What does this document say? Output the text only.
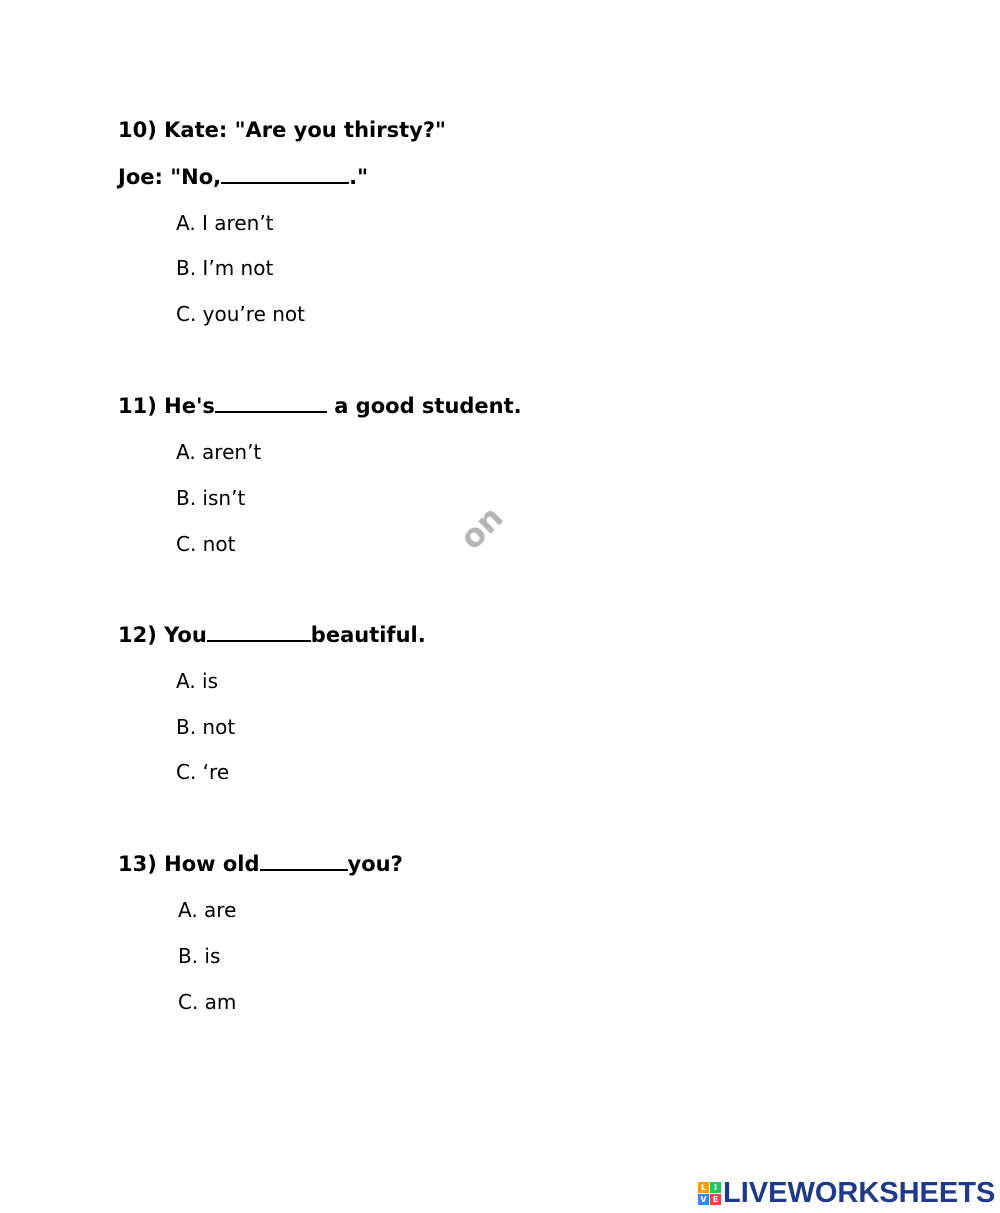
10) Kate: "Are you thirsty?"
Joe: "No,	."
A. I aren’t
B. I’m not
C. you’re not
11) He's	a good student.
A. aren’t
B. isn’t
C. not	on
12) You	beautiful.
A. is
B. not
C. ‘re
13) How old	you?
A. are
B. is
C. am
L I
V E LIVEWORKSHEETS
